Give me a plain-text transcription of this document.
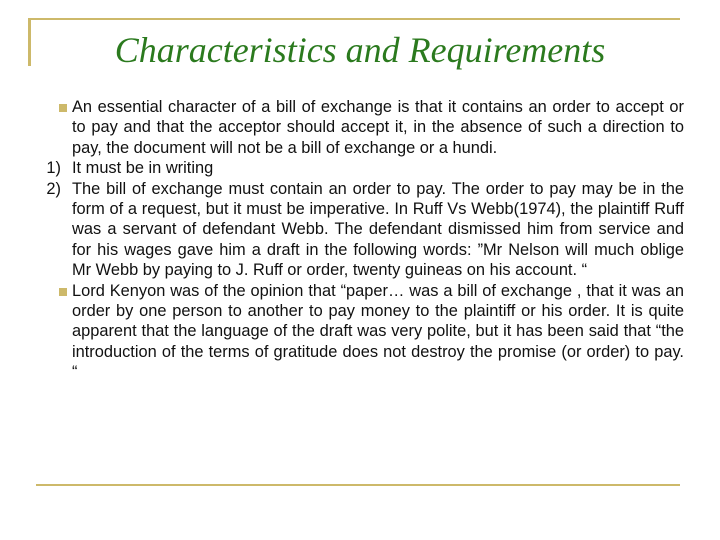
Characteristics and Requirements
An essential character of a bill of exchange is that it contains an order to accept or to pay and that the acceptor should accept it, in the absence of such a direction to pay, the document will not be a bill of exchange or a hundi.
1) It must be in writing
2) The bill of exchange must contain an order to pay. The order to pay may be in the form of a request, but it must be imperative. In Ruff Vs Webb(1974), the plaintiff Ruff was a servant of defendant Webb. The defendant dismissed him from service and for his wages gave him a draft in the following words: ”Mr Nelson will much oblige Mr Webb by paying to J. Ruff or order, twenty guineas on his account. “
Lord Kenyon was of the opinion that “paper… was a bill of exchange , that it was an order by one person to another to pay money to the plaintiff or his order. It is quite apparent that the language of the draft was very polite, but it has been said that “the introduction of the terms of gratitude does not destroy the promise (or order) to pay. “
